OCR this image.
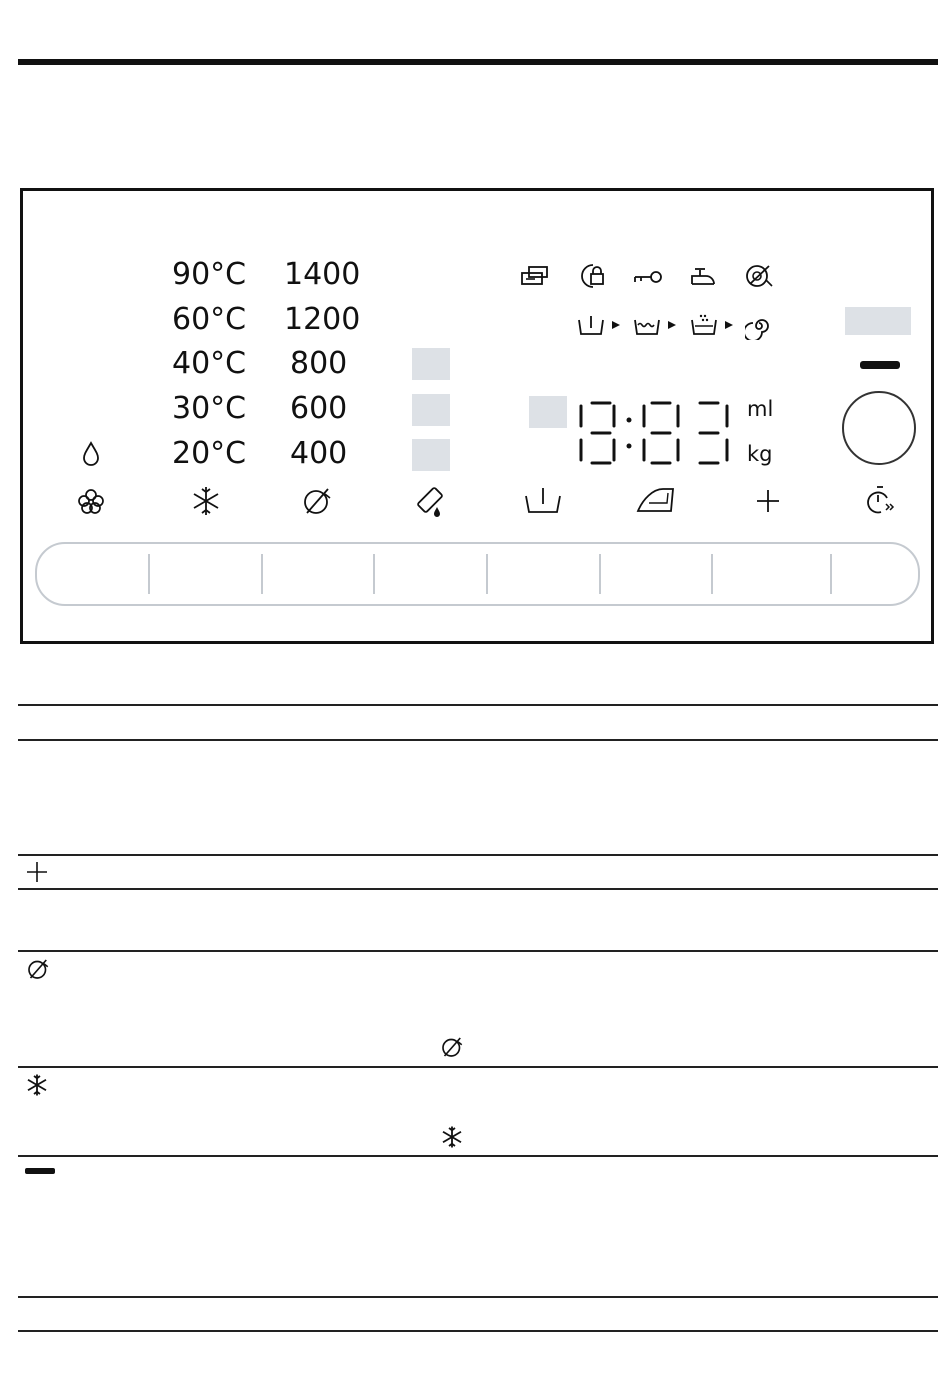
90°C
60°C
40°C
30°C
20°C
1400
1200
800
600
400
ml
kg
